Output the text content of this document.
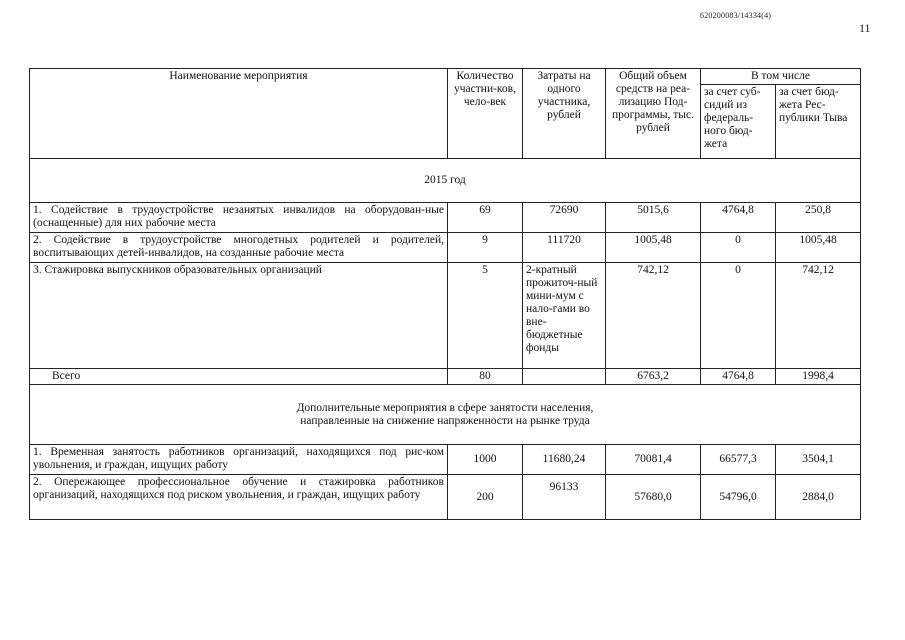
620200083/14334(4)
11
Наименование мероприятия	Количество участни-ков, чело-век	Затраты на одного участника, рублей	Общий объем средств на реа-лизацию Под-программы, тыс. рублей	В том числе	
				за счет суб-сидий из федераль-ного бюд-жета	за счет бюд-жета Рес-публики Тыва
2015 год					
1. Содействие в трудоустройстве незанятых инвалидов на оборудован-ные (оснащенные) для них рабочие места	69	72690	5015,6	4764,8	250,8
2. Содействие в трудоустройстве многодетных родителей и родителей, воспитывающих детей-инвалидов, на созданные рабочие места	9	111720	1005,48	0	1005,48
3. Стажировка выпускников образовательных организаций	5	2-кратный прожиточ-ный мини-мум с нало-гами во вне-бюджетные фонды	742,12	0	742,12
Всего	80		6763,2	4764,8	1998,4

Дополнительные мероприятия в сфере занятости населения,
направленные на снижение напряженности на рынке труда					

1. Временная занятость работников организаций, находящихся под рис-ком увольнения, и граждан, ищущих работу	1000	11680,24	70081,4	66577,3	3504,1
2. Опережающее профессиональное обучение и стажировка работников организаций, находящихся под риском увольнения, и граждан, ищущих работу	200	96133	57680,0	54796,0	2884,0
